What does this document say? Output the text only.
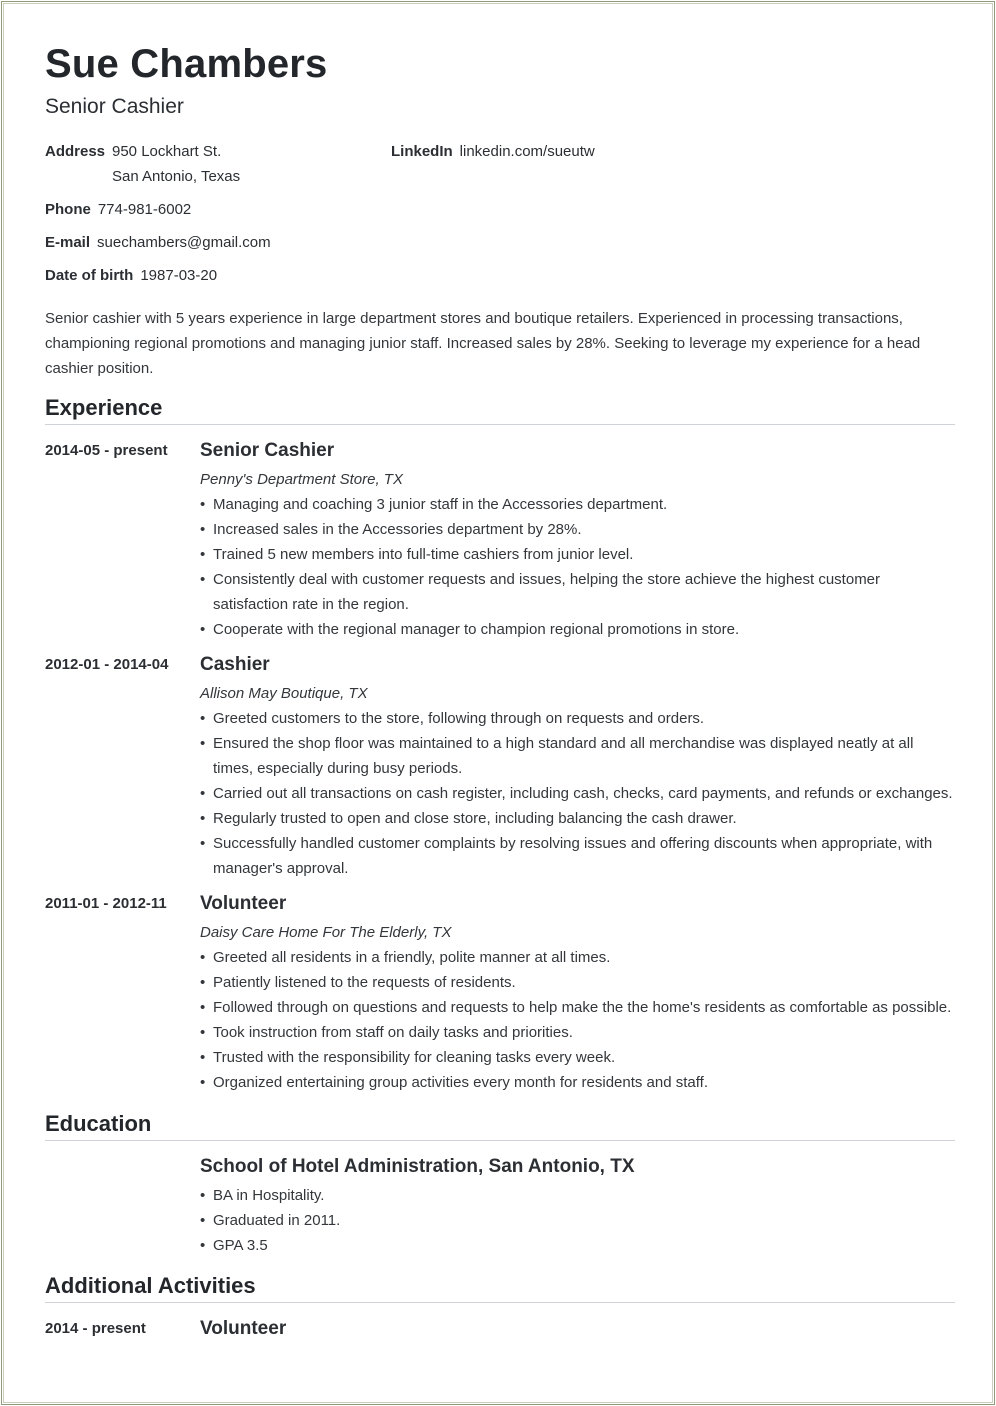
Sue Chambers
Senior Cashier
Address 950 Lockhart St.
San Antonio, Texas
LinkedIn linkedin.com/sueutw
Phone 774-981-6002
E-mail suechambers@gmail.com
Date of birth 1987-03-20
Senior cashier with 5 years experience in large department stores and boutique retailers. Experienced in processing transactions, championing regional promotions and managing junior staff. Increased sales by 28%. Seeking to leverage my experience for a head cashier position.
Experience
2014-05 - present Senior Cashier
Penny's Department Store, TX
• Managing and coaching 3 junior staff in the Accessories department.
• Increased sales in the Accessories department by 28%.
• Trained 5 new members into full-time cashiers from junior level.
• Consistently deal with customer requests and issues, helping the store achieve the highest customer satisfaction rate in the region.
• Cooperate with the regional manager to champion regional promotions in store.
2012-01 - 2014-04 Cashier
Allison May Boutique, TX
• Greeted customers to the store, following through on requests and orders.
• Ensured the shop floor was maintained to a high standard and all merchandise was displayed neatly at all times, especially during busy periods.
• Carried out all transactions on cash register, including cash, checks, card payments, and refunds or exchanges.
• Regularly trusted to open and close store, including balancing the cash drawer.
• Successfully handled customer complaints by resolving issues and offering discounts when appropriate, with manager's approval.
2011-01 - 2012-11 Volunteer
Daisy Care Home For The Elderly, TX
• Greeted all residents in a friendly, polite manner at all times.
• Patiently listened to the requests of residents.
• Followed through on questions and requests to help make the the home's residents as comfortable as possible.
• Took instruction from staff on daily tasks and priorities.
• Trusted with the responsibility for cleaning tasks every week.
• Organized entertaining group activities every month for residents and staff.
Education
School of Hotel Administration, San Antonio, TX
• BA in Hospitality.
• Graduated in 2011.
• GPA 3.5
Additional Activities
2014 - present	Volunteer
